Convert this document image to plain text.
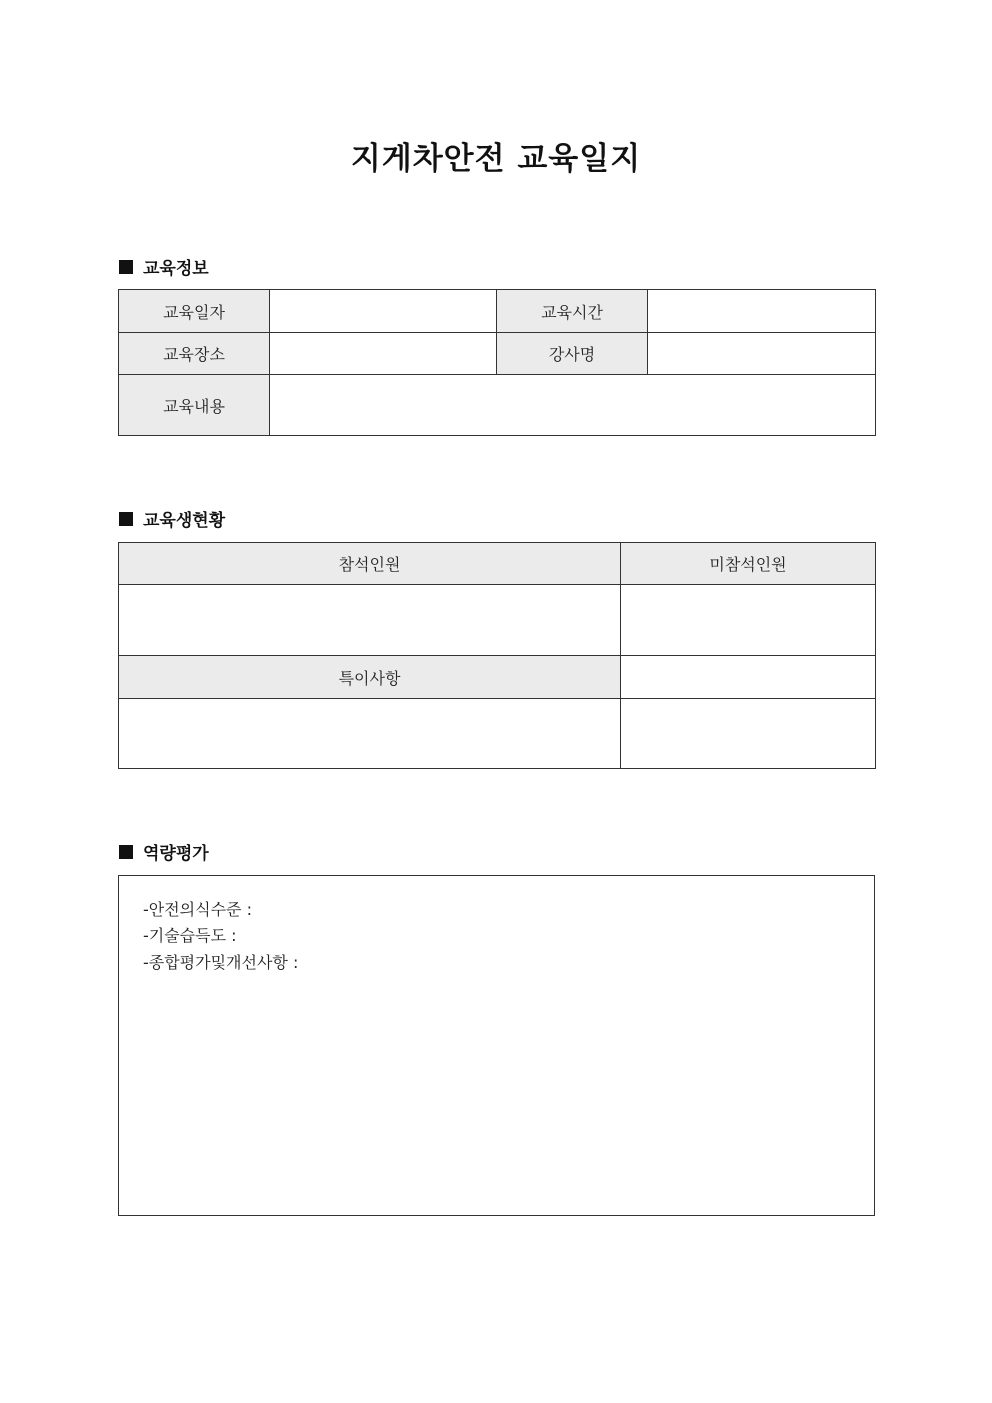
지게차안전 교육일지
교육정보
교육일자		교육시간	
교육장소		강사명	
교육내용			
교육생현황
참석인원	미참석인원

특이사항	

역량평가
-안전의식수준 :
-기술습득도 :
-종합평가및개선사항 :
